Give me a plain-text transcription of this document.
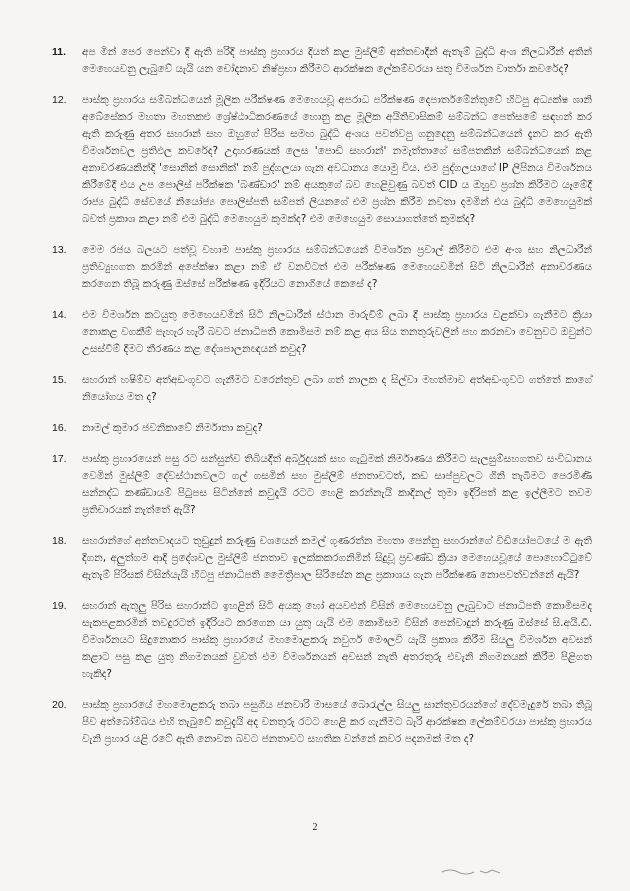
11.	අප මින් පෙර පෙන්වා දී ඇති පරිදි පාස්කු ප්‍රහාරය දියත් කළ මුස්ලිම් අන්තවාදීන් ඇතැම් බුද්ධි අංශ නිලධාරීන් අතින් මෙහෙයවනු ලැබුවේ යැයි යන චෝදනාව නිෂ්ප්‍රභා කිරීමට ආරක්ෂක ලේකම්වරයා සතු විමර්ශන වාර්තා කවරේද?
12.	පාස්කු ප්‍රහාරය සම්බන්ධයෙන් මූලික පරීක්ෂණ මෙහෙයවූ අපරාධ පරීක්ෂණ දෙපාර්තමේන්තුවේ හිටපු අධ්‍යක්ෂ ශානි අබේසේකර මහතා මහතකළු ශ්‍රේෂ්ඨාධිකරණයේ හොනු කළ මූලික අයිතිවාසිකම් සම්බන්ධ පෙත්සමේ සඳහන් කර ඇති කරුණු අතර සහරාන් සහ ඔහුගේ පිරිස සමඟ බුද්ධි අංශය පවත්වපු ගනුදෙනු සම්බන්ධයෙන් දැනට කර ඇති විමර්ශනවල ප්‍රතිඵල කවරේද? උදාහරණයක් ලෙස 'පොඩි සහරාන්' නමැත්තාගේ සම්පතකින් සම්බන්ධයෙන් කළ අනාවරණයකින්දි 'සොනික් සොනික්' නම් පුද්ගලයා ගැන අවධානය යොමු විය. එම පුද්ගලයාගේ IP ලිපිනය විමර්ශනය කිරීමේදී එය උප පොලිස් පරීක්ෂක 'බණ්ඩාර' නම් අයකුගේ බව හෙළිවුණු බවත් CID ය ඔහුව ප්‍රශ්න කිරීමට යෑමේදී රාජ්‍ය බුද්ධි සේවයේ නියෝජ්‍ය පොලිස්පති සම්පත් ලියනගේ එම ප්‍රශ්න කිරීම නවතා දමමින් එය බුද්ධි මෙහෙයුමක් බවත් ප්‍රකාශ කළා නම් එම බුද්ධි මෙහෙයුම කුමක්ද? එම මෙහෙයුම සොයාගත්තේ කුමක්ද?
13.	මෙම රජය බලයට පත්වූ වහාම පාස්කු ප්‍රහාරය සම්බන්ධයෙන් විමර්ශන ප්‍රවාල් කිරීමට එම අංශ සහ නිලධාරීන් ප්‍රතිව්‍යුහගත කරමින් අපේක්ෂා කළා නම් ඒ වනවිටත් එම පරීක්ෂණ මෙහෙයවමින් සිටි නිලධාරීන් අනාවරණය කරගෙන තිබූ කරුණු ඔස්සේ පරීක්ෂණ ඉදිරියට නොගියේ කෙසේ ද?
14.	එම විමර්ශන කටයුතු මෙහෙයවමින් සිටි නිලධාරීන් ස්ථාන මාරුවීම් ලබා දී පාස්කු ප්‍රහාරය වළක්වා ගැනීමට ක්‍රියා නොකළ වගකීම් පැහැර හැරී බවට ජනාධිපති කොමිසම නම් කළ අය සිය තනතුරුවලින් පහ කරනවා වෙනුවට ඔවුන්ට උසස්වීම් දීමට තීරණය කළ දේශපාලනඥයන් කවුද?
15.	සහරාන් හෂිම්ව අත්අඩංගුවට ගැනීමට වරෙන්තුව ලබා ගත් නාලක ද සිල්වා මහත්මාව අත්අඩංගුවට ගත්තේ කාගේ නියෝගය මත ද?
16.	නාමල් කුමාර ජවනිකාවේ නිර්මාතා කවුද?
17.	පාස්කු ප්‍රහාරයෙන් පසු රට සන්සුන්ව තිබියදීත් අර්බුදයක් සහ ගැටුමක් නිර්මාණය කිරීමට සැලසුම්සහගතව සංවිධානය වෙමින් මුස්ලිම් දේවස්ථානවලට ගල් ගසමින් සහ මුස්ලිම් ජනතාවටත්, කඩ සාප්පුවලට ගිනි තැබීමට පෙරමිණි සන්නද්ධ කණ්ඩායම් පිටුපස සිටින්නේ කවුදැයි රටට හෙළි කරන්නැයි කාදිනල් තුමා ඉදිරිපත් කළ ඉල්ලීමට තවම ප්‍රතිචාරයක් නැත්තේ ඇයි?
18.	සහරාන්ගේ අන්තවාදයට තුඩුදුන් කරුණු වශයෙන් කමල් ගුණරත්න මහතා පෙන්නු සහරාන්ගේ විඩියෝපටයේ ම ඇති දිගන, අලුත්ගම ආදි ප්‍රදේශවල මුස්ලිම් ජනතාව ඉලක්කකරගනිමින් සිදුවූ ප්‍රචණ්ඩ ක්‍රියා මෙහෙයවූයේ පොහොට්ටුවේ ඇතැම් පිරිසක් විසින්යැයි හිටපු ජනාධිපති මෛත්‍රිපාල සිරිසේන කළ ප්‍රකාශය ගැන පරීක්ෂණ නොපවත්වන්නේ ඇයි?
19.	සහරාන් ඇතුලු පිරිස සහරාන්ට ඉහළින් සිටි අයකු හෝ අයවළුන් විසින් මෙහෙයවනු ලැබුවාට ජනාධිපති කොමිසමද සැකපළකරමින් තවදුරටත් ඉදිරියට කරගෙන යා යුතු යැයි එම කොමිසම විසින් පෙන්වාදුන් කරුණු ඔස්සේ සි.අයි.ඩී. විමර්ශනයට සිදුනොකර පාස්කු ප්‍රහාරයේ මහමොළකරු නවුෆර් මෞලවි යැයි ප්‍රකාශ කිරීම සියලු විමර්ශන අවසන් කළාට පසු කළ යුතු නිගමනයක් වුවත් එම විමර්ශනයන් අවසන් නැති අතරතුරු එවැනි නිගමනයක් කිරීම පිළිගත හැකිද?
20.	පාස්කු ප්‍රහාරයේ මහමොළකරු තබා පසුගිය ජනවාරි මාසයේ බොරැල්ල සියලු සාන්තුවරයන්ගේ දේවමැදුරේ තබා තිබූ පිව අත්බෝම්බය එහි තැබුවේ කවුදැයි අද වනතුරු රටට හෙළි කර ගැනීමට බැරි ආරක්ෂක ලේකම්වරයා පාස්කු ප්‍රහාරය වැනි ප්‍රහාර යළි රටේ ඇති නොවන බවට ජනතාවට සහතික වන්නේ කවර පදනමක් මත ද?
2
